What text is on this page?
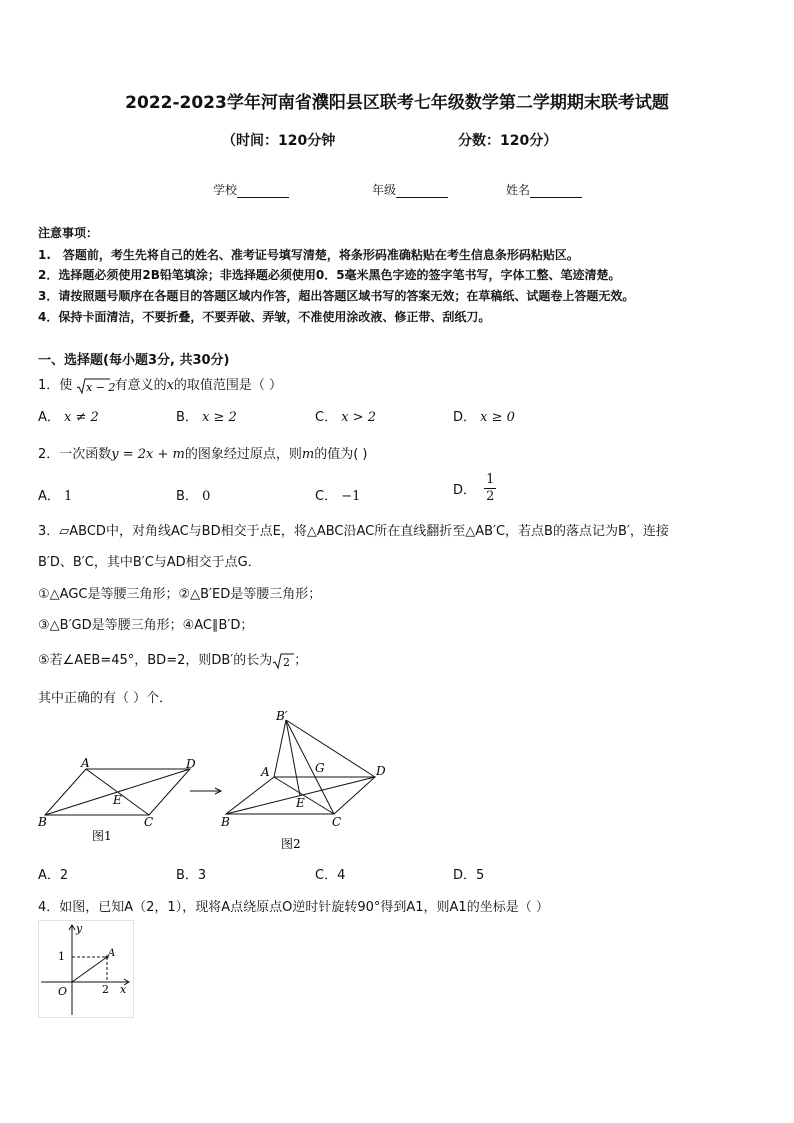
2022-2023学年河南省濮阳县区联考七年级数学第二学期期末联考试题
（时间：120分钟	分数：120分）
学校	年级	姓名
注意事项：
1.　答题前，考生先将自己的姓名、准考证号填写清楚，将条形码准确粘贴在考生信息条形码粘贴区。
2．选择题必须使用2B铅笔填涂；非选择题必须使用0．5毫米黑色字迹的签字笔书写，字体工整、笔迹清楚。
3．请按照题号顺序在各题目的答题区域内作答，超出答题区域书写的答案无效；在草稿纸、试题卷上答题无效。
4．保持卡面清洁，不要折叠，不要弄破、弄皱，不准使用涂改液、修正带、刮纸刀。
一、选择题(每小题3分, 共30分)
1．使 x − 2
有意义的x的取值范围是（ ）
A． x ≠ 2	B． x ≥ 2	C． x > 2	D． x ≥ 0
2．一次函数y = 2x + m的图象经过原点，则m的值为( )
A． 1	B． 0	C． −1	D． $\frac{1}{2}$
3．▱ABCD中，对角线AC与BD相交于点E，将△ABC沿AC所在直线翻折至△AB′C，若点B的落点记为B′，连接
B′D、B′C，其中B′C与AD相交于点G．
①△AGC是等腰三角形；②△B′ED是等腰三角形；
③△B′GD是等腰三角形；④AC∥B′D；
⑤若∠AEB=45°，BD=2，则DB′的长为 2 ；
其中正确的有（ ）个．
A	D
B	C
E
图1
B′
A	G	D
B	C
E
图2
A．2	B．3	C．4	D．5
4．如图，已知A（2，1），现将A点绕原点O逆时针旋转90°得到A1，则A1的坐标是（ ）
y
x
O
A
1
2
